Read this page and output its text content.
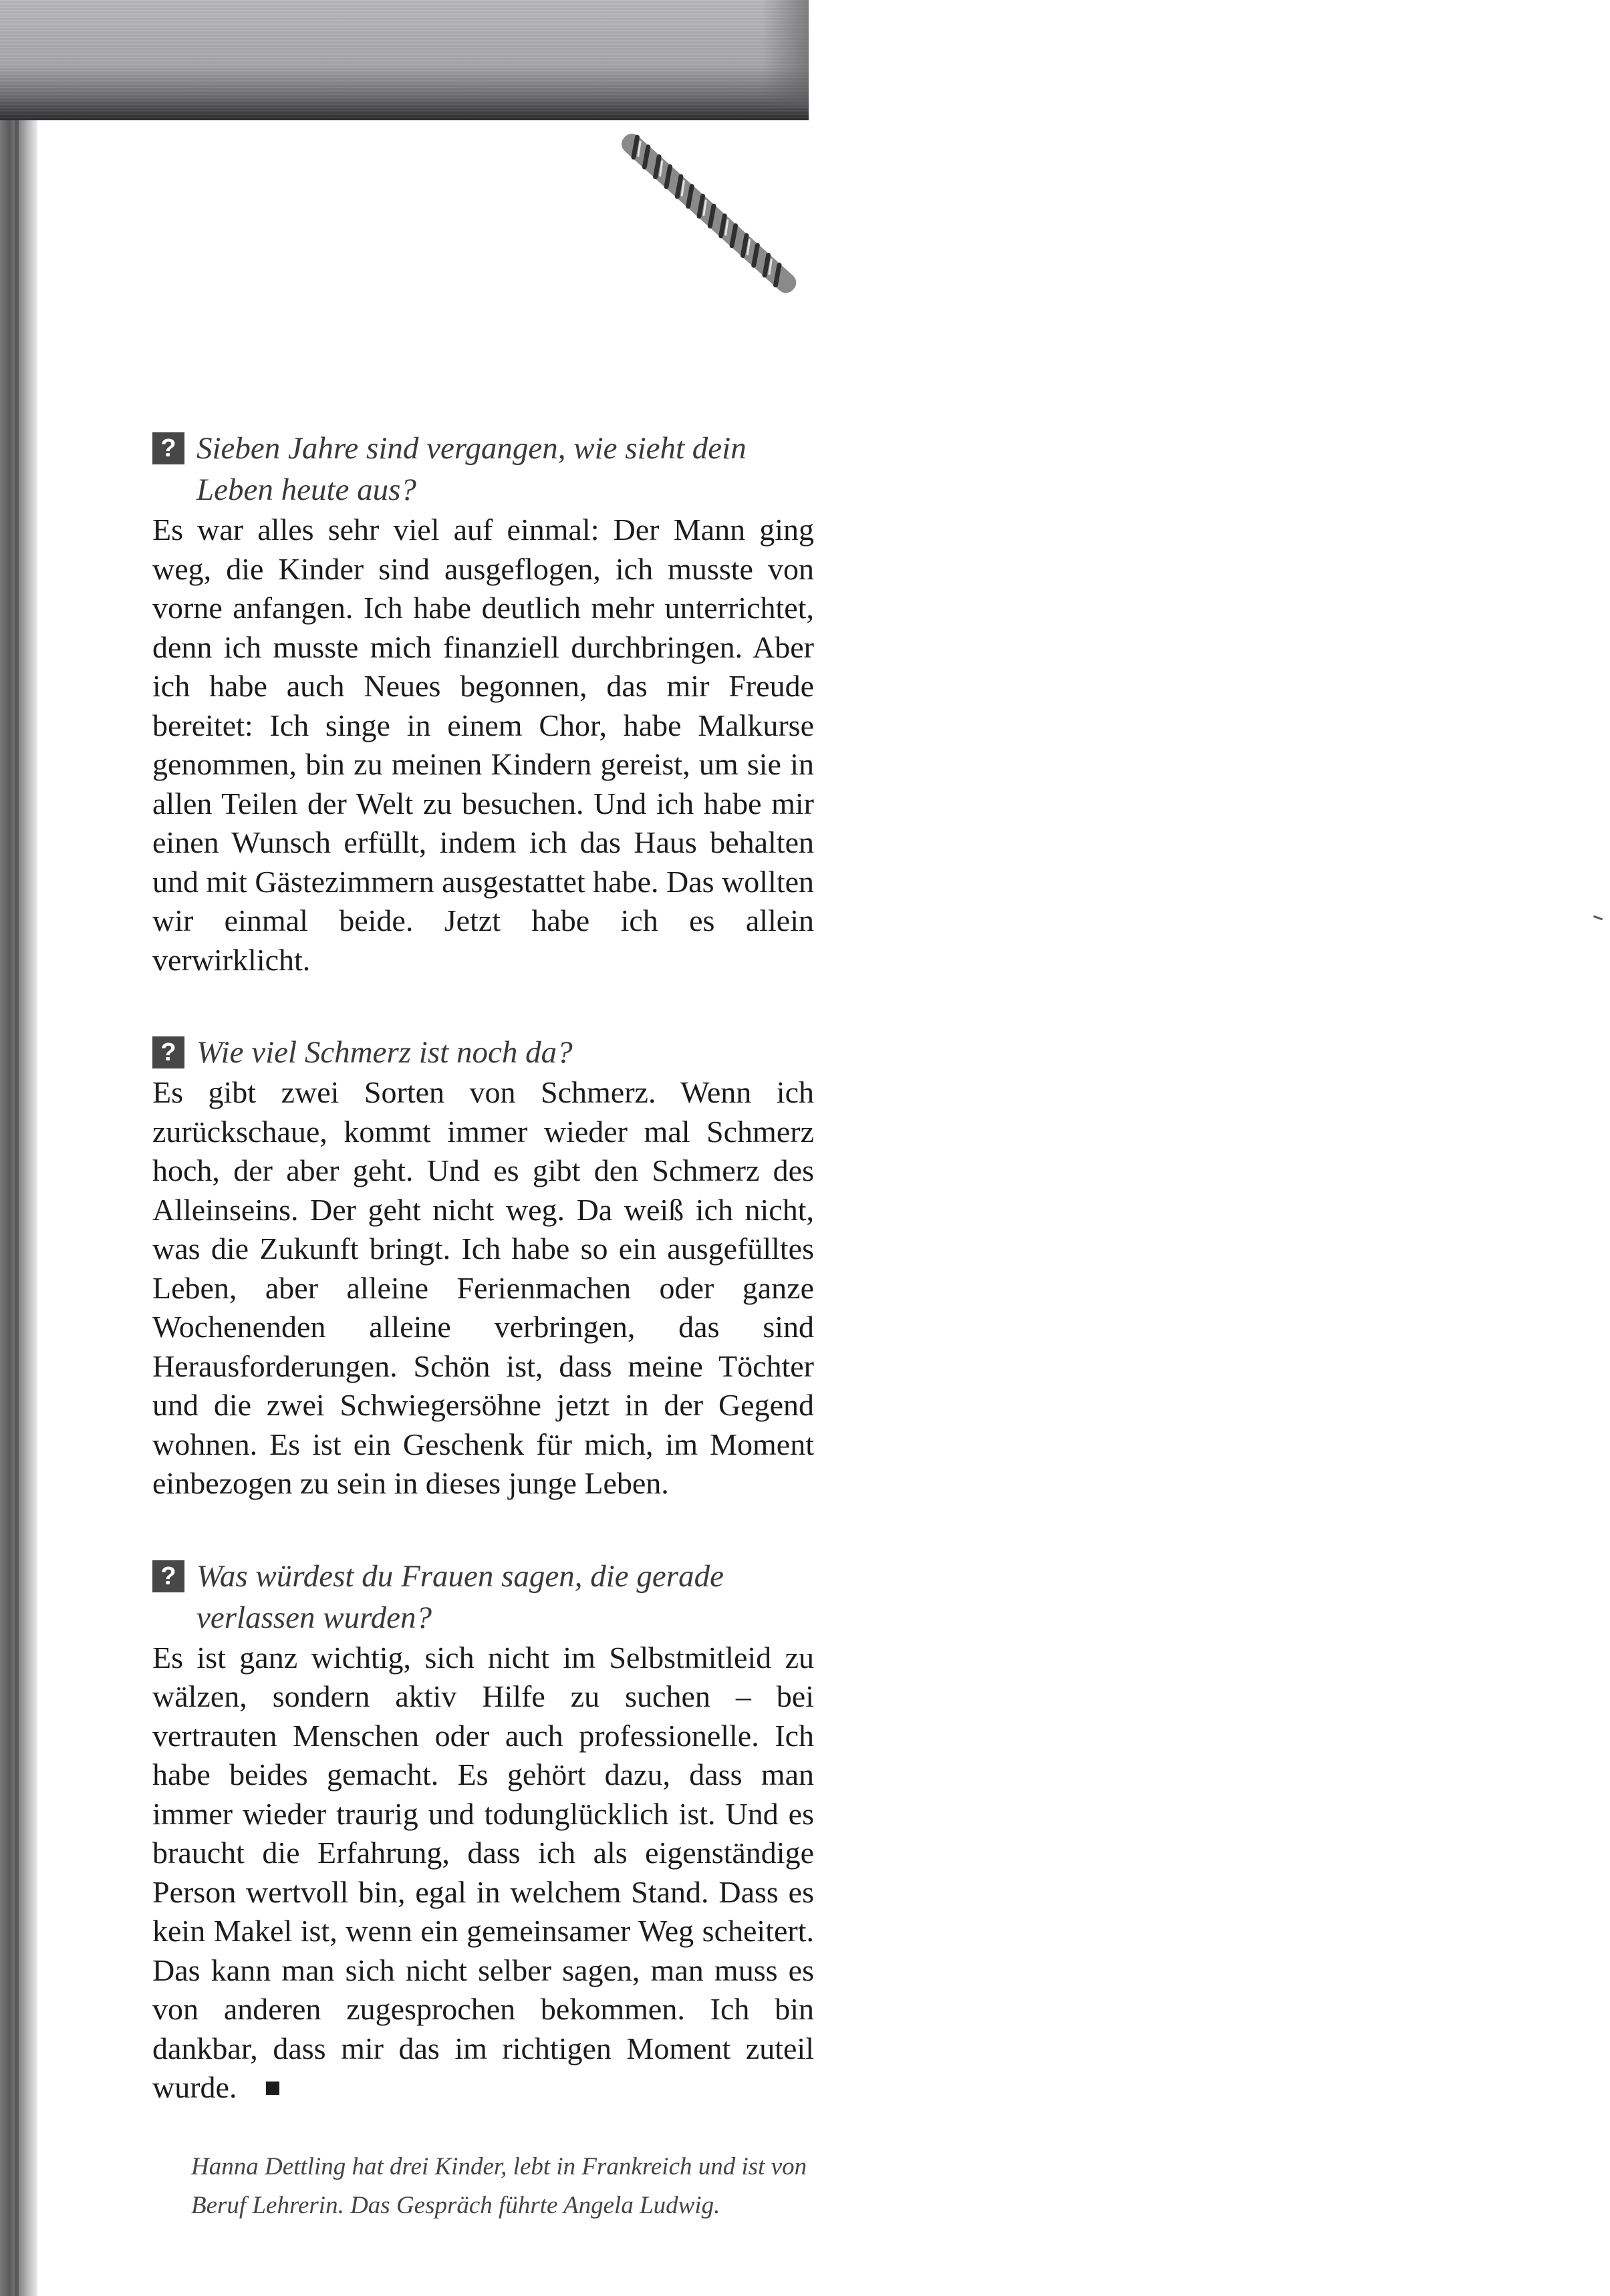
? Sieben Jahre sind vergangen, wie sieht dein Leben heute aus?

Es war alles sehr viel auf einmal: Der Mann ging weg, die Kinder sind ausgeflogen, ich musste von vorne anfangen. Ich habe deutlich mehr unterrichtet, denn ich musste mich finanziell durchbringen. Aber ich habe auch Neues begonnen, das mir Freude bereitet: Ich singe in einem Chor, habe Malkurse genommen, bin zu meinen Kindern gereist, um sie in allen Teilen der Welt zu besuchen. Und ich habe mir einen Wunsch erfüllt, indem ich das Haus behalten und mit Gästezimmern ausgestattet habe. Das wollten wir einmal beide. Jetzt habe ich es allein verwirklicht.

? Wie viel Schmerz ist noch da?

Es gibt zwei Sorten von Schmerz. Wenn ich zurückschaue, kommt immer wieder mal Schmerz hoch, der aber geht. Und es gibt den Schmerz des Alleinseins. Der geht nicht weg. Da weiß ich nicht, was die Zukunft bringt. Ich habe so ein ausgefülltes Leben, aber alleine Ferienmachen oder ganze Wochenenden alleine verbringen, das sind Herausforderungen. Schön ist, dass meine Töchter und die zwei Schwiegersöhne jetzt in der Gegend wohnen. Es ist ein Geschenk für mich, im Moment einbezogen zu sein in dieses junge Leben.

? Was würdest du Frauen sagen, die gerade verlassen wurden?

Es ist ganz wichtig, sich nicht im Selbstmitleid zu wälzen, sondern aktiv Hilfe zu suchen – bei vertrauten Menschen oder auch professionelle. Ich habe beides gemacht. Es gehört dazu, dass man immer wieder traurig und todunglücklich ist. Und es braucht die Erfahrung, dass ich als eigenständige Person wertvoll bin, egal in welchem Stand. Dass es kein Makel ist, wenn ein gemeinsamer Weg scheitert. Das kann man sich nicht selber sagen, man muss es von anderen zugesprochen bekommen. Ich bin dankbar, dass mir das im richtigen Moment zuteil wurde.

Hanna Dettling hat drei Kinder, lebt in Frankreich und ist von Beruf Lehrerin. Das Gespräch führte Angela Ludwig.
